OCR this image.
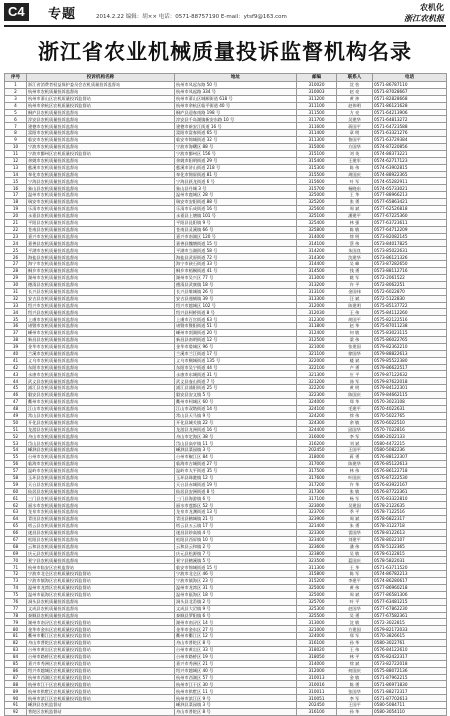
C4	专题	2014.2.22 编辑：胡×× 电话：0571-88757190 E-mail：ytsf9@163.com
农机化
浙江农机报
浙江省农业机械质量投诉监督机构名录
序号	投诉机构名称	地址	邮编	联系人	电话
1	浙江省消费者权益保护委员会农机质量投诉监督站	杭州市凤起东路 50 号	310020	沈 怡	0571-86787110
2	杭州市农机质量投诉监督站	杭州市凤起路 334 号	310003	赵 亮	0571-87028667
3	杭州市萧山区农机质量投诉监督站	杭州市萧山区城厢街道 618 号	311200	黄 炜	0571-82828668
4	杭州市余杭区农机质量投诉监督站	杭州市余杭区临平街道 40 号	311100	赵伟明	0571-86121628
5	桐庐县农机质量投诉监督站	桐庐县迎春南路 198 号	311500	方 亮	0571-64213906
6	淳安县农机质量投诉监督站	淳安县千岛湖镇新安东路 10 号	311700	吴建华	0571-64813272
7	建德市农机质量投诉监督站	建德市新安江街道 16 号	311600	蒋国平	0571-64723588
8	富阳市农机质量投诉监督站	富阳市富春街道 65 号	311400	章 明	0571-63321276
9	临安市农机质量投诉监督站	临安市锦城街道 32 号	311300	鲁国平	0571-63729384
10	宁波市农机质量投诉监督站	宁波市海曙区 88 号	315000	方国华	0574-87220856
11	宁波市鄞州区农机质量投诉监督站	宁波市鄞州区 156 号	315100	刘 英	0574-88373221
12	余姚市农机质量投诉监督站	余姚市阳明街道 29 号	315400	王建军	0574-62717123
13	慈溪市农机质量投诉监督站	慈溪市浒山街道 218 号	315300	陈 伟	0574-63902815
14	奉化市农机质量投诉监督站	奉化市锦屏街道 81 号	315500	周国庆	0574-88922365
15	宁海县农机质量投诉监督站	宁海县跃龙街道 6 号	315600	叶 军	0574-65282911
16	象山县农机质量投诉监督站	象山县丹城 3 号	315700	杨晓东	0574-65733021
17	温州市农机质量投诉监督站	温州市鹿城区 28 号	325000	王 华	0577-88966213
18	瑞安市农机质量投诉监督站	瑞安市安阳街道 88 号	325200	张 勇	0577-65863421
19	乐清市农机质量投诉监督站	乐清市乐成街道 16 号	325600	周 斌	0577-62526818
20	永嘉县农机质量投诉监督站	永嘉县上塘镇 101 号	325100	潘建平	0577-67225360
21	平阳县农机质量投诉监督站	平阳县昆阳镇 9 号	325400	林 强	0577-63723611
22	苍南县农机质量投诉监督站	苍南县灵溪镇 66 号	325800	陈 敏	0577-64712209
23	嘉兴市农机质量投诉监督站	嘉兴市南湖区 120 号	314000	徐 明	0573-82082145
24	嘉善县农机质量投诉监督站	嘉善县魏塘街道 15 号	314100	蔡 伟	0573-84017825
25	平湖市农机质量投诉监督站	平湖市当湖街道 58 号	314200	朱国良	0573-85022631
26	海盐县农机质量投诉监督站	海盐县武原街道 72 号	314300	沈建华	0573-86121326
27	海宁市农机质量投诉监督站	海宁市硖石街道 33 号	314400	吴 峰	0573-87282650
28	桐乡市农机质量投诉监督站	桐乡市梧桐街道 41 号	314500	钱 勇	0573-88112716
29	湖州市农机质量投诉监督站	湖州市吴兴区 77 号	313000	姚 军	0572-2061522
30	德清县农机质量投诉监督站	德清县武康镇 18 号	313200	许 平	0572-8062251
31	长兴县农机质量投诉监督站	长兴县雉城镇 26 号	313100	金国伟	0572-6022870
32	安吉县农机质量投诉监督站	安吉县递铺镇 39 号	313300	汪 斌	0572-5122830
33	绍兴市农机质量投诉监督站	绍兴市越城区 102 号	312000	陈建明	0575-85137722
34	绍兴县农机质量投诉监督站	绍兴县柯桥街道 8 号	312030	王 伟	0575-84112260
35	上虞市农机质量投诉监督站	上虞市百官街道 63 号	312300	胡国平	0575-82122516
36	诸暨市农机质量投诉监督站	诸暨市暨阳街道 51 号	311800	赵 华	0575-87011238
37	嵊州市农机质量投诉监督站	嵊州市剡湖街道 20 号	312400	何 敏	0575-83023115
38	新昌县农机质量投诉监督站	新昌县南明街道 12 号	312500	梁 伟	0575-86022765
39	金华市农机质量投诉监督站	金华市婺城区 96 号	321000	张建国	0579-82362210
40	兰溪市农机质量投诉监督站	兰溪市兰江街道 17 号	321100	徐国华	0579-88822613
41	义乌市农机质量投诉监督站	义乌市稠城街道 135 号	322000	楼 斌	0579-85522380
42	东阳市农机质量投诉监督站	东阳市吴宁街道 44 号	322100	卢 勇	0579-86622517
43	永康市农机质量投诉监督站	永康市东城街道 31 号	321300	应 平	0579-87122632
44	武义县农机质量投诉监督站	武义县壶山街道 7 号	321200	汤 军	0579-87622018
45	浦江县农机质量投诉监督站	浦江县浦阳街道 25 号	322200	黄 明	0579-84122301
46	磐安县农机质量投诉监督站	磐安县安文镇 5 号	322300	陈国庆	0579-84662115
47	衢州市农机质量投诉监督站	衢州市柯城区 60 号	324000	郑 华	0570-3023108
48	江山市农机质量投诉监督站	江山市双塔街道 14 号	324100	毛建平	0570-4022631
49	常山县农机质量投诉监督站	常山县天马镇 9 号	324200	徐 伟	0570-5022765
50	开化县农机质量投诉监督站	开化县城关镇 22 号	324300	余 敏	0570-6022510
51	龙游县农机质量投诉监督站	龙游县龙洲街道 16 号	324400	邱国华	0570-7022816
52	舟山市农机质量投诉监督站	舟山市定海区 38 号	316000	李 军	0580-2022133
53	岱山县农机质量投诉监督站	岱山县高亭镇 11 号	316200	刘 斌	0580-4472215
54	嵊泗县农机质量投诉监督站	嵊泗县菜园镇 3 号	202450	王国平	0580-5082236
55	台州市农机质量投诉监督站	台州市椒江区 84 号	318000	蒋 勇	0576-88122307
56	临海市农机质量投诉监督站	临海市古城街道 27 号	317000	陈建华	0576-85122613
57	温岭市农机质量投诉监督站	温岭市太平街道 35 号	317500	林 伟	0576-86122718
58	玉环县农机质量投诉监督站	玉环县珠港镇 12 号	317600	叶国庆	0576-87222530
59	天台县农机质量投诉监督站	天台县赤城街道 19 号	317200	许 华	0576-83922167
60	仙居县农机质量投诉监督站	仙居县安洲街道 8 号	317300	张 敏	0576-87722361
61	三门县农机质量投诉监督站	三门县海游镇 6 号	317100	杨 军	0576-83322810
62	丽水市农机质量投诉监督站	丽水市莲都区 52 号	323000	吴建国	0578-2122635
63	龙泉市农机质量投诉监督站	龙泉市龙渊街道 13 号	323700	季 平	0578-7122516
64	青田县农机质量投诉监督站	青田县鹤城镇 21 号	323900	周 斌	0578-6822317
65	缙云县农机质量投诉监督站	缙云县五云镇 17 号	321400	朱 勇	0578-3122718
66	遂昌县农机质量投诉监督站	遂昌县妙高镇 4 号	323300	雷国华	0578-8122613
67	松阳县农机质量投诉监督站	松阳县西屏镇 10 号	323400	刘建平	0578-8022107
68	云和县农机质量投诉监督站	云和县云和镇 2 号	323600	潘 伟	0578-5122365
69	庆元县农机质量投诉监督站	庆元县松源镇 7 号	323800	吴 敏	0578-6122815
70	景宁县农机质量投诉监督站	景宁县鹤溪镇 5 号	323500	蓝国庆	0578-5822031
71	杭州市临安区农机监督站	临安市锦城街道 15 号	311300	王 华	0571-63711520
72	宁波市北仑区农机质量投诉监督站	宁波市北仑区 46 号	315800	陈 军	0574-86782213
73	宁波市镇海区农机质量投诉监督站	宁波市镇海区 23 号	315200	李建平	0574-86280617
74	温州市龙湾区农机质量投诉监督站	温州市龙湾区 31 号	325000	黄 伟	0577-86960218
75	温州市瓯海区农机质量投诉监督站	温州市瓯海区 18 号	325000	周 斌	0577-86581306
76	洞头县农机质量投诉监督站	洞头县北岙镇 2 号	325700	叶 平	0577-63481215
77	文成县农机质量投诉监督站	文成县大峃镇 9 号	325300	赵国华	0577-67862230
78	泰顺县农机质量投诉监督站	泰顺县罗阳镇 6 号	325500	吴 勇	0577-67582361
79	湖州市南浔区农机质量投诉监督站	湖州市南浔区 14 号	313000	沈 敏	0572-3022815
80	金华市金东区农机质量投诉监督站	金华市金东区 27 号	321000	方建国	0579-82172033
81	衢州市衢江区农机质量投诉监督站	衢州市衢江区 12 号	324000	郑 军	0570-3826615
82	舟山市普陀区农机质量投诉监督站	舟山市普陀区 8 号	316100	孙 华	0580-3022761
83	台州市黄岩区农机质量投诉监督站	台州市黄岩区 33 号	318020	王 伟	0576-84122610
84	台州市路桥区农机质量投诉监督站	台州市路桥区 19 号	318050	林 平	0576-82422317
85	嘉兴市秀洲区农机质量投诉监督站	嘉兴市秀洲区 21 号	314000	徐 斌	0573-82722018
86	绍兴市越城区农机质量投诉监督站	绍兴市越城区 40 号	312000	何国庆	0575-88072136
87	杭州市西湖区农机质量投诉监督站	杭州市西湖区 57 号	310013	金 敏	0571-87962215
88	杭州市江干区农机质量投诉监督站	杭州市江干区 30 号	310016	陈 勇	0571-86971830
89	杭州市拱墅区农机质量投诉监督站	杭州市拱墅区 11 号	310011	张国华	0571-88272317
90	杭州市滨江区农机质量投诉监督站	杭州市滨江区 9 号	310051	李 军	0571-87702613
91	嵊泗县农机监督站	嵊泗县菜园镇 3 号	202450	王国平	0580-5084711
92	普陀区农机监督站	舟山市普陀区 8 号	316100	孙 华	0580-3054110
